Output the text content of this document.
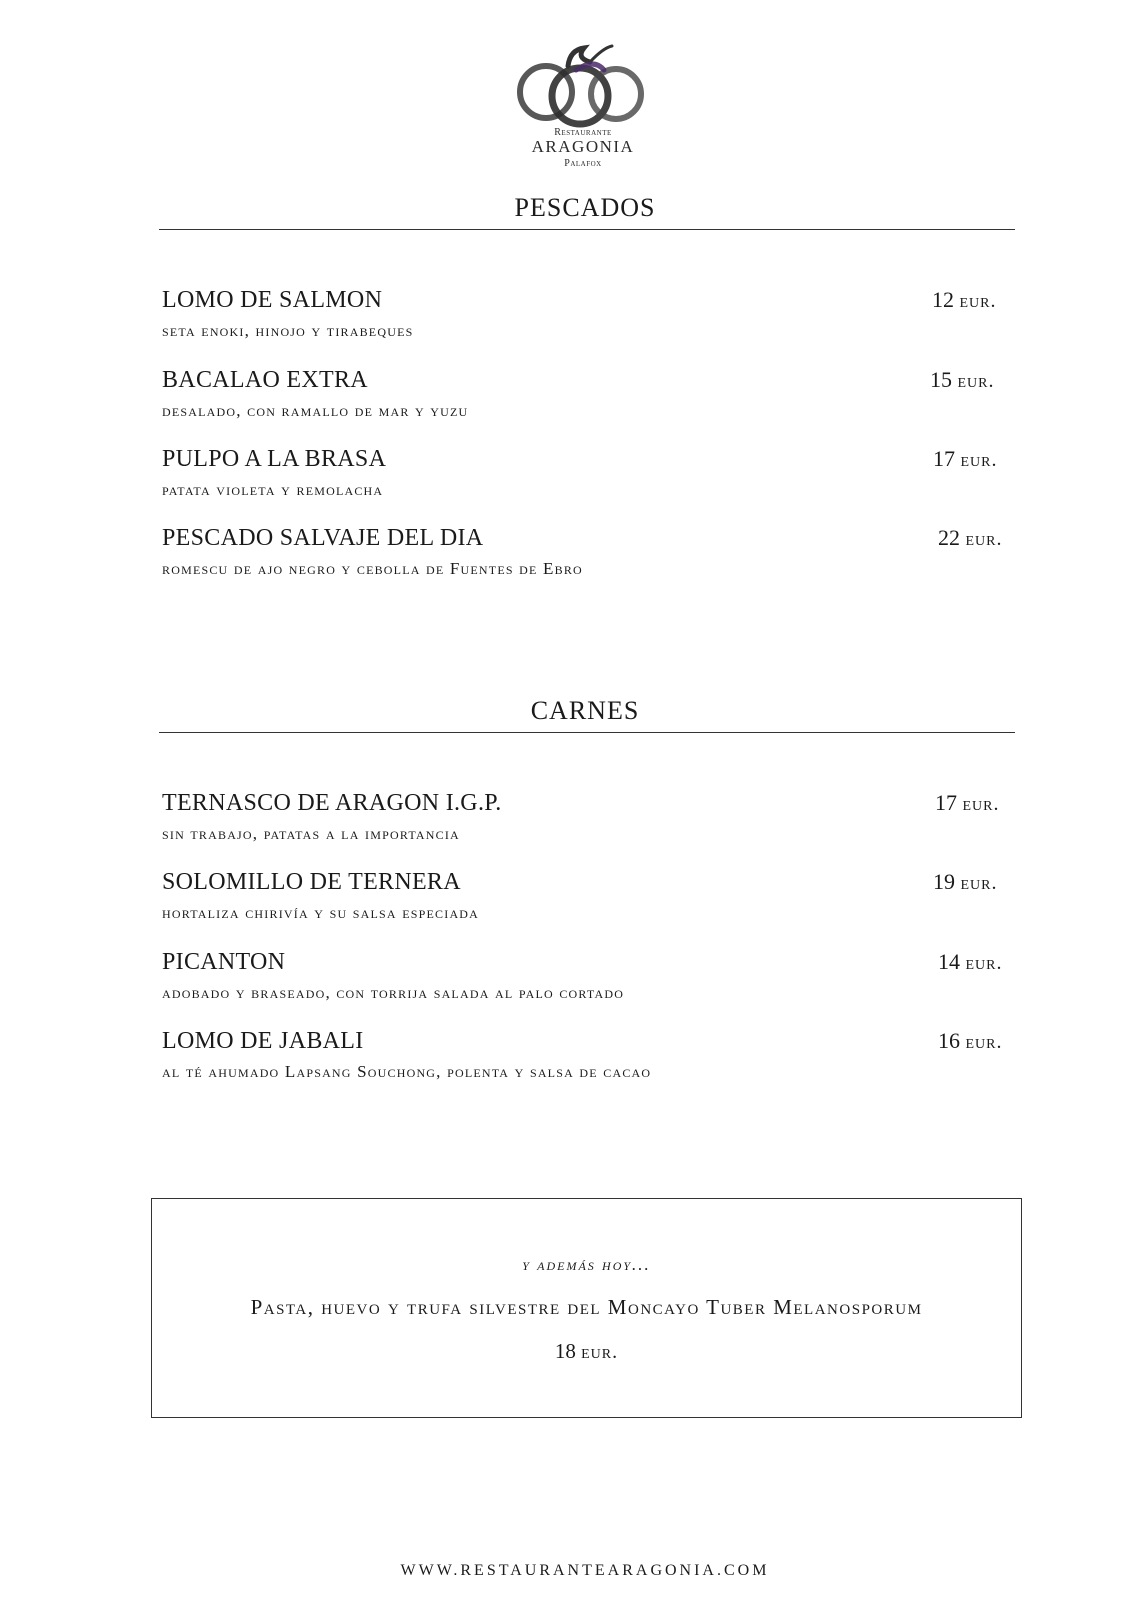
Restaurante
ARAGONIA
Palafox
PESCADOS
LOMO DE SALMON	12 eur.
seta enoki, hinojo y tirabeques
BACALAO EXTRA	15 eur.
desalado, con ramallo de mar y yuzu
PULPO A LA BRASA	17 eur.
patata violeta y remolacha
PESCADO SALVAJE DEL DIA	22 eur.
romescu de ajo negro y cebolla de Fuentes de Ebro
CARNES
TERNASCO DE ARAGON I.G.P.	17 eur.
sin trabajo, patatas a la importancia
SOLOMILLO DE TERNERA	19 eur.
hortaliza chirivía y su salsa especiada
PICANTON	14 eur.
adobado y braseado, con torrija salada al palo cortado
LOMO DE JABALI	16 eur.
al té ahumado Lapsang Souchong, polenta y salsa de cacao
y además hoy...
Pasta, huevo y trufa silvestre del Moncayo Tuber Melanosporum
18 eur.
WWW.RESTAURANTEARAGONIA.COM
